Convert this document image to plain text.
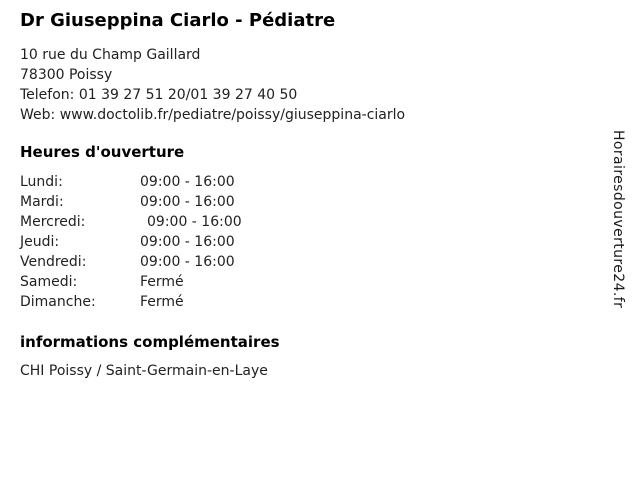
Dr Giuseppina Ciarlo - Pédiatre
10 rue du Champ Gaillard
78300 Poissy
Telefon: 01 39 27 51 20/01 39 27 40 50
Web: www.doctolib.fr/pediatre/poissy/giuseppina-ciarlo
Heures d'ouverture
Lundi:	09:00 - 16:00
Mardi:	09:00 - 16:00
Mercredi:	09:00 - 16:00
Jeudi:	09:00 - 16:00
Vendredi:	09:00 - 16:00
Samedi:	Fermé
Dimanche:	Fermé
informations complémentaires
CHI Poissy / Saint-Germain-en-Laye
Horairesdouverture24.fr
